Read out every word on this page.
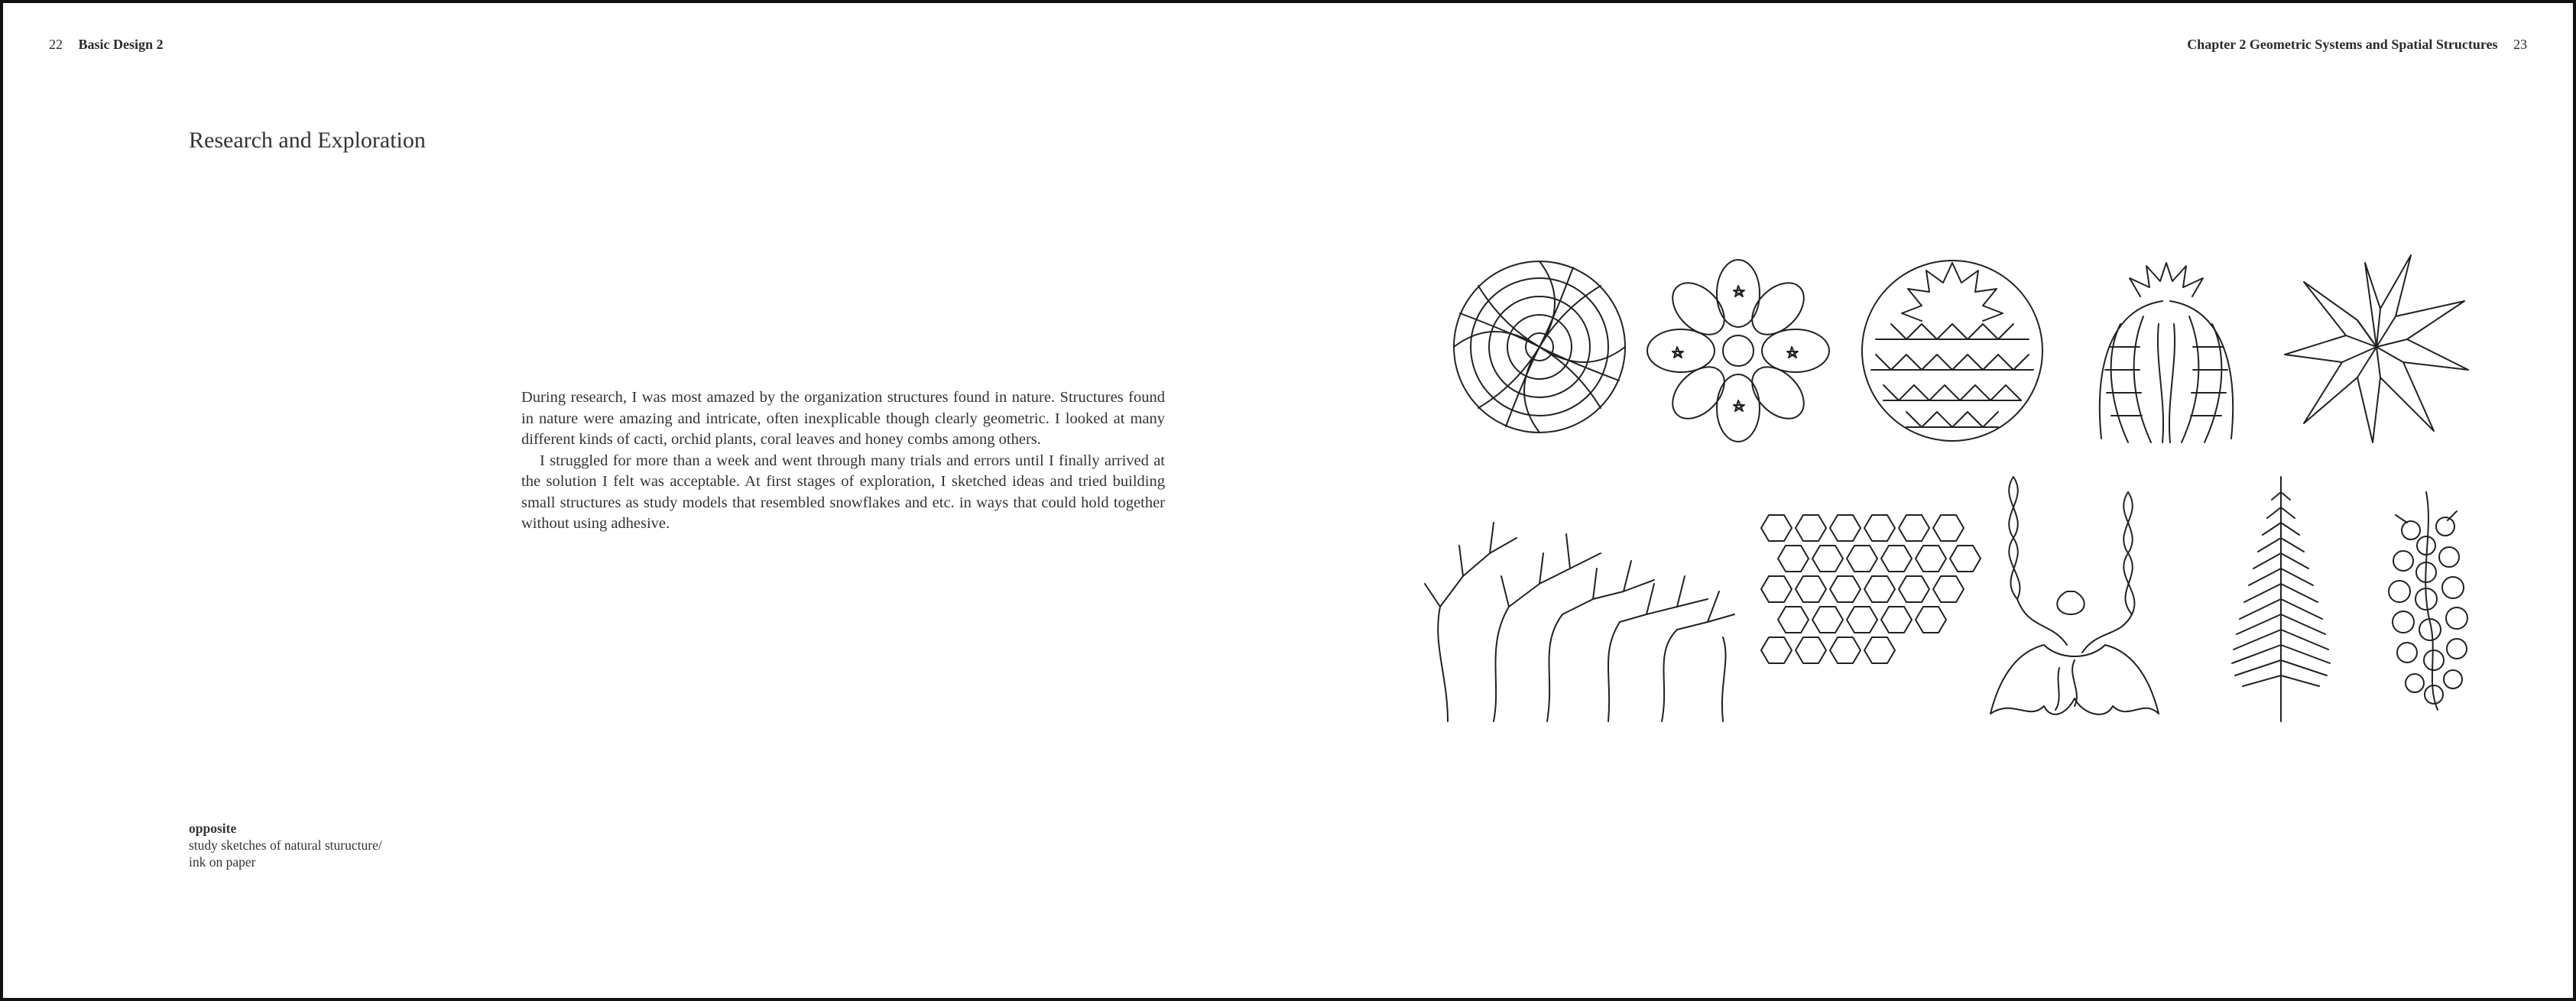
22 Basic Design 2	Chapter 2 Geometric Systems and Spatial Structures 23
Research and Exploration

During research, I was most amazed by the organization structures found in nature. Structures found in nature were amazing and intricate, often inexplicable though clearly geometric. I looked at many different kinds of cacti, orchid plants, coral leaves and honey combs among others.

I struggled for more than a week and went through many trials and errors until I finally arrived at the solution I felt was acceptable. At first stages of exploration, I sketched ideas and tried building small structures as study models that resembled snowflakes and etc. in ways that could hold together without using adhesive.

opposite
study sketches of natural sturucture/
ink on paper
